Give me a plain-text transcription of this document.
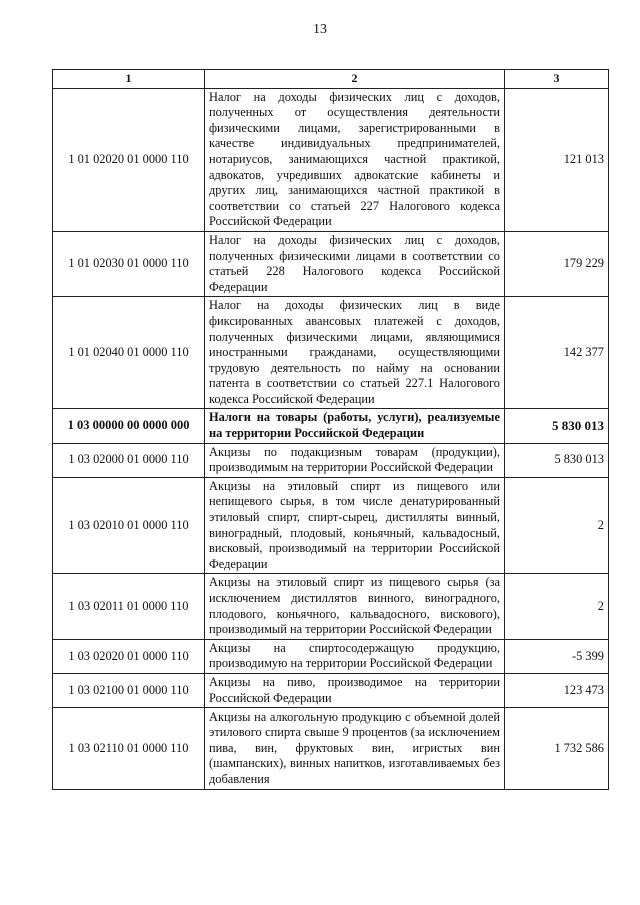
13
1	2	3
1 01 02020 01 0000 110	Налог на доходы физических лиц с доходов, полученных от осуществления деятельности физическими лицами, зарегистрированными в качестве индивидуальных предпринимателей, нотариусов, занимающихся частной практикой, адвокатов, учредивших адвокатские кабинеты и других лиц, занимающихся частной практикой в соответствии со статьей 227 Налогового кодекса Российской Федерации	121 013
1 01 02030 01 0000 110	Налог на доходы физических лиц с доходов, полученных физическими лицами в соответствии со статьей 228 Налогового кодекса Российской Федерации	179 229
1 01 02040 01 0000 110	Налог на доходы физических лиц в виде фиксированных авансовых платежей с доходов, полученных физическими лицами, являющимися иностранными гражданами, осуществляющими трудовую деятельность по найму на основании патента в соответствии со статьей 227.1 Налогового кодекса Российской Федерации	142 377
1 03 00000 00 0000 000	Налоги на товары (работы, услуги), реализуемые на территории Российской Федерации	5 830 013
1 03 02000 01 0000 110	Акцизы по подакцизным товарам (продукции), производимым на территории Российской Федерации	5 830 013
1 03 02010 01 0000 110	Акцизы на этиловый спирт из пищевого или непищевого сырья, в том числе денатурированный этиловый спирт, спирт-сырец, дистилляты винный, виноградный, плодовый, коньячный, кальвадосный, висковый, производимый на территории Российской Федерации	2
1 03 02011 01 0000 110	Акцизы на этиловый спирт из пищевого сырья (за исключением дистиллятов винного, виноградного, плодового, коньячного, кальвадосного, вискового), производимый на территории Российской Федерации	2
1 03 02020 01 0000 110	Акцизы на спиртосодержащую продукцию, производимую на территории Российской Федерации	-5 399
1 03 02100 01 0000 110	Акцизы на пиво, производимое на территории Российской Федерации	123 473
1 03 02110 01 0000 110	Акцизы на алкогольную продукцию с объемной долей этилового спирта свыше 9 процентов (за исключением пива, вин, фруктовых вин, игристых вин (шампанских), винных напитков, изготавливаемых без добавления	1 732 586
